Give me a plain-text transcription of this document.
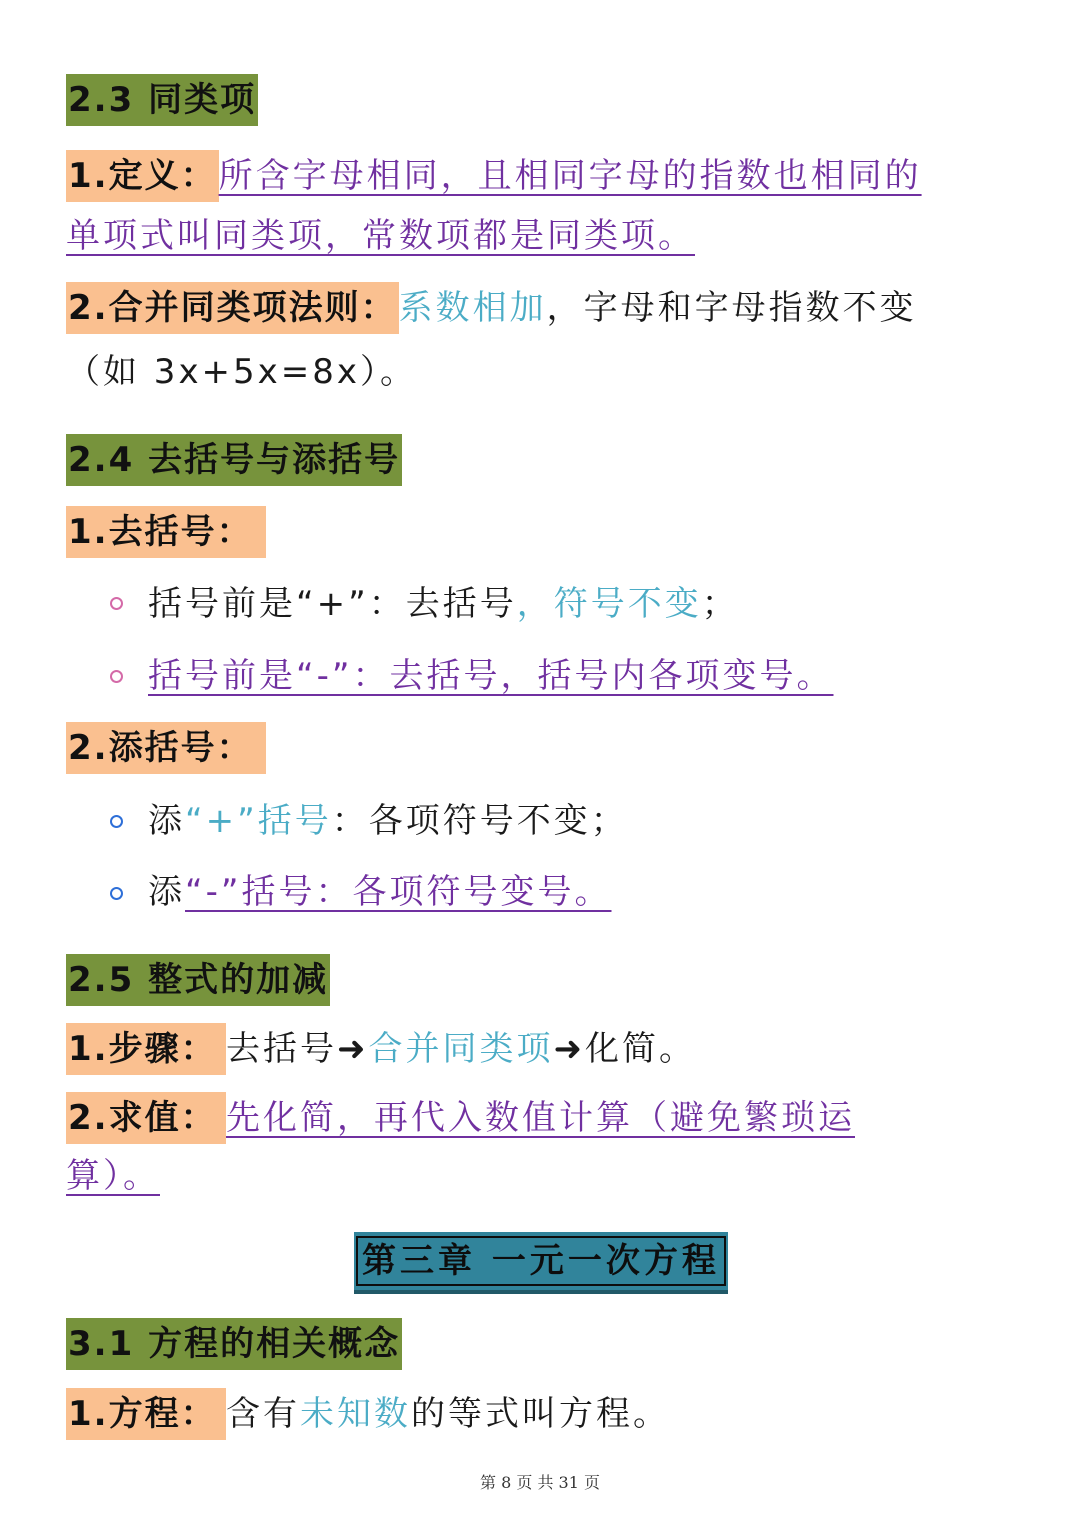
2.3 同类项
1.定义：所含字母相同，且相同字母的指数也相同的
单项式叫同类项，常数项都是同类项。
2.合并同类项法则：系数相加，字母和字母指数不变
（如 3x+5x=8x）。
2.4 去括号与添括号
1.去括号：
括号前是“+”：去括号，符号不变；
括号前是“-”：去括号，括号内各项变号。
2.添括号：
添“+”括号：各项符号不变；
添“-”括号：各项符号变号。
2.5 整式的加减
1.步骤： 去括号➜合并同类项➜化简。
2.求值： 先化简，再代入数值计算（避免繁琐运
算）。
第三章 一元一次方程
3.1 方程的相关概念
1.方程： 含有未知数的等式叫方程。
第 8 页 共 31 页
